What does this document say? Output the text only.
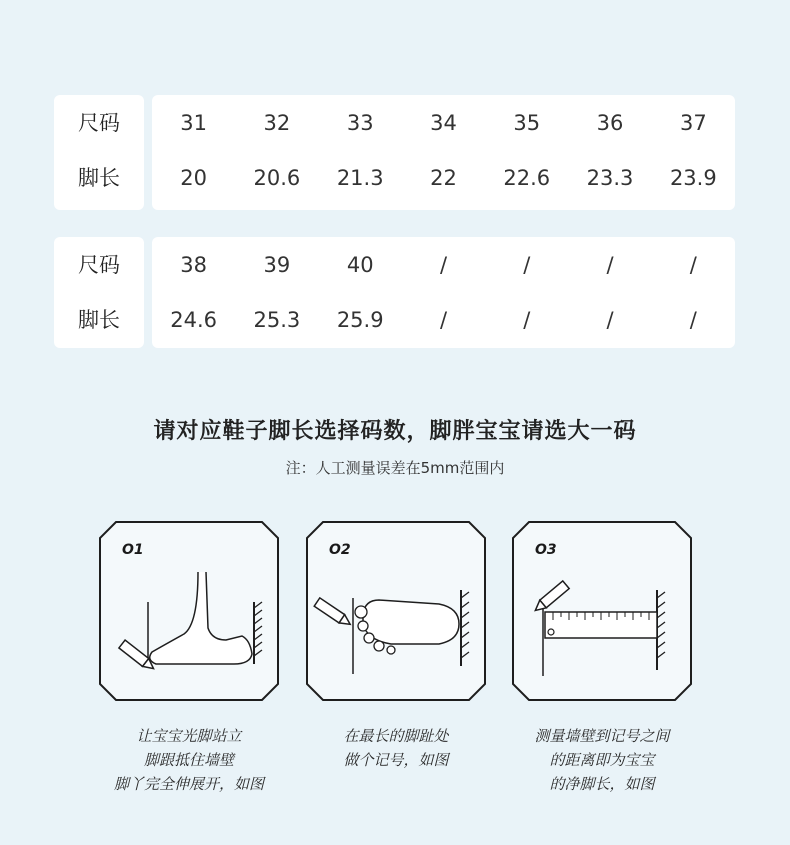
尺码	31	32	33	34	35	36	37
脚长	20	20.6	21.3	22	22.6	23.3	23.9
尺码	38	39	40	/	/	/	/
脚长	24.6	25.3	25.9	/	/	/	/
请对应鞋子脚长选择码数，脚胖宝宝请选大一码
注：人工测量误差在5mm范围内
O1	O2	O3
让宝宝光脚站立
脚跟抵住墙壁
脚丫完全伸展开，如图
在最长的脚趾处
做个记号，如图
测量墙壁到记号之间
的距离即为宝宝
的净脚长，如图
